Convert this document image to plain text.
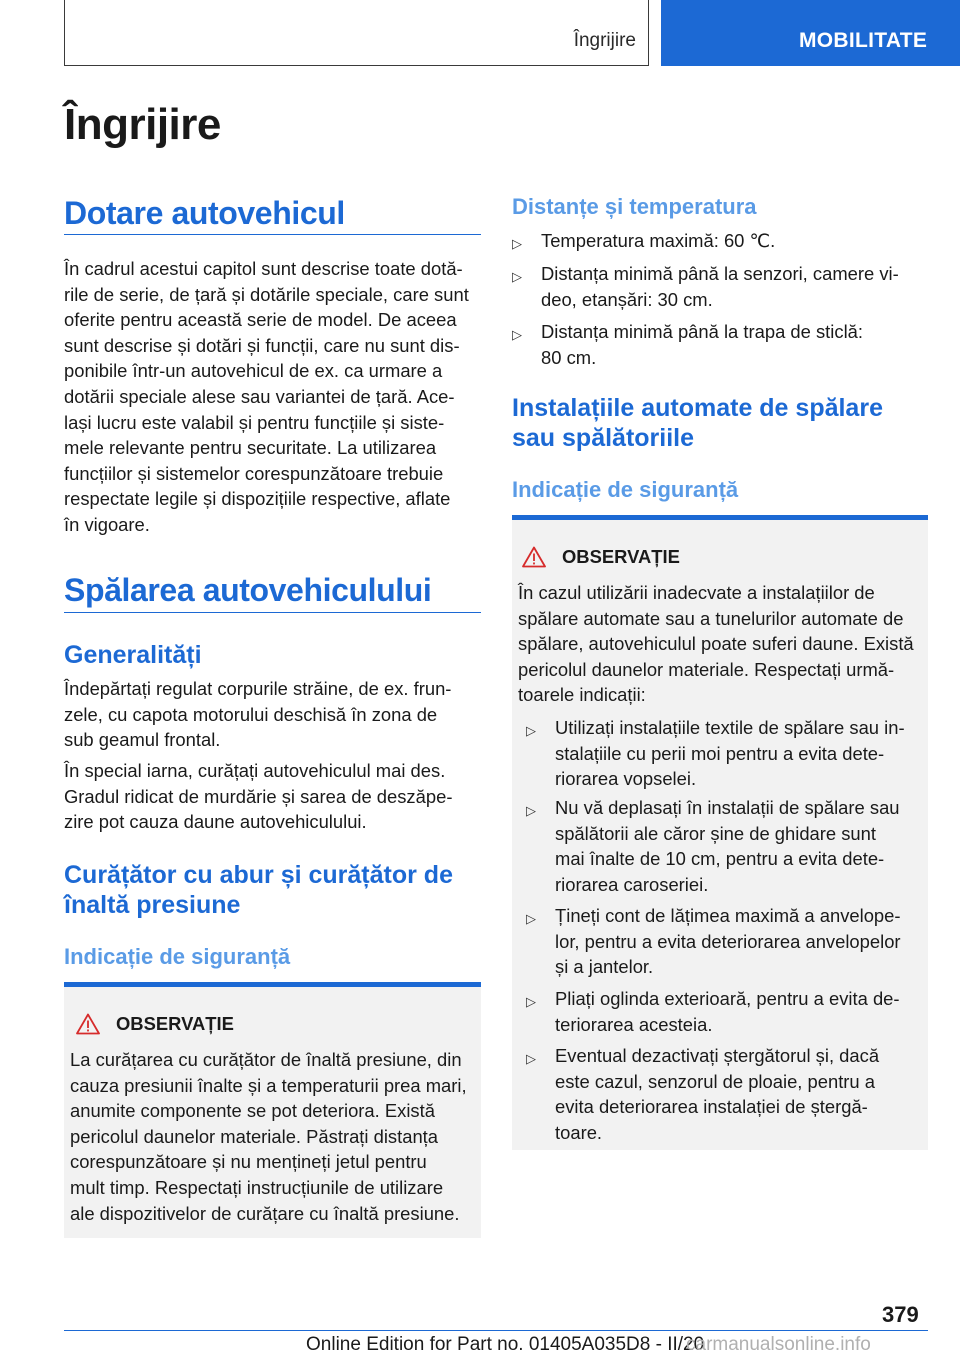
Îngrijire	MOBILITATE
Îngrijire
Dotare autovehicul
În cadrul acestui capitol sunt descrise toate dotă-
rile de serie, de țară și dotările speciale, care sunt
oferite pentru această serie de model. De aceea
sunt descrise și dotări și funcții, care nu sunt dis-
ponibile într-un autovehicul de ex. ca urmare a
dotării speciale alese sau variantei de țară. Ace-
lași lucru este valabil și pentru funcțiile și siste-
mele relevante pentru securitate. La utilizarea
funcțiilor și sistemelor corespunzătoare trebuie
respectate legile și dispozițiile respective, aflate
în vigoare.
Spălarea autovehiculului
Generalități
Îndepărtați regulat corpurile străine, de ex. frun-
zele, cu capota motorului deschisă în zona de
sub geamul frontal.
În special iarna, curățați autovehiculul mai des.
Gradul ridicat de murdărie și sarea de deszăpe-
zire pot cauza daune autovehiculului.
Curățător cu abur și curățător de
înaltă presiune
Indicație de siguranță
OBSERVAȚIE
La curățarea cu curățător de înaltă presiune, din
cauza presiunii înalte și a temperaturii prea mari,
anumite componente se pot deteriora. Există
pericolul daunelor materiale. Păstrați distanța
corespunzătoare și nu mențineți jetul pentru
mult timp. Respectați instrucțiunile de utilizare
ale dispozitivelor de curățare cu înaltă presiune.
Distanțe și temperatura
▷	Temperatura maximă: 60 ℃.
▷	Distanța minimă până la senzori, camere vi-
deo, etanșări: 30 cm.
▷	Distanța minimă până la trapa de sticlă:
80 cm.
Instalațiile automate de spălare
sau spălătoriile
Indicație de siguranță
OBSERVAȚIE
În cazul utilizării inadecvate a instalațiilor de
spălare automate sau a tunelurilor automate de
spălare, autovehiculul poate suferi daune. Există
pericolul daunelor materiale. Respectați urmă-
toarele indicații:
▷	Utilizați instalațiile textile de spălare sau in-
stalațiile cu perii moi pentru a evita dete-
riorarea vopselei.
▷	Nu vă deplasați în instalații de spălare sau
spălătorii ale căror șine de ghidare sunt
mai înalte de 10 cm, pentru a evita dete-
riorarea caroseriei.
▷	Țineți cont de lățimea maximă a anvelope-
lor, pentru a evita deteriorarea anvelopelor
și a jantelor.
▷	Pliați oglinda exterioară, pentru a evita de-
teriorarea acesteia.
▷	Eventual dezactivați ștergătorul și, dacă
este cazul, senzorul de ploaie, pentru a
evita deteriorarea instalației de ștergă-
toare.
379
Online Edition for Part no. 01405A035D8 - II/20
carmanualsonline.info
